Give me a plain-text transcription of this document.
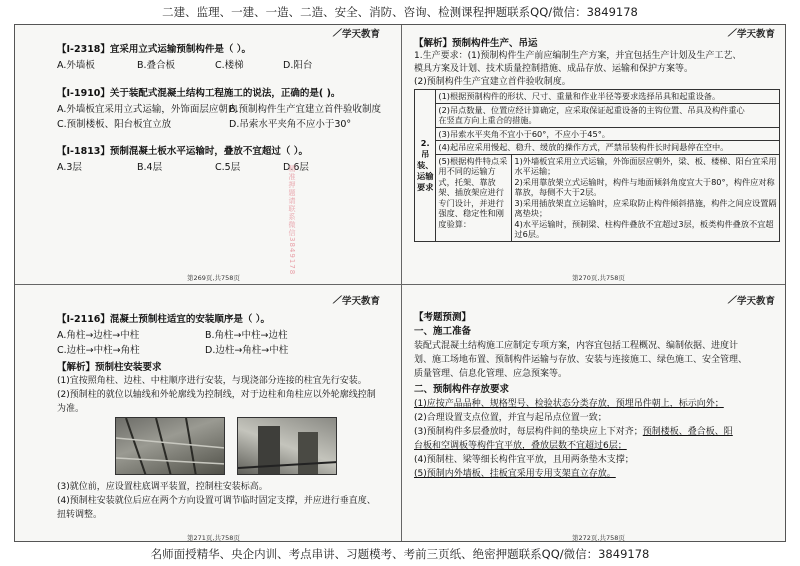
二建、监理、一建、一造、二造、安全、消防、咨询、检测课程押题联系QQ/微信：3849178
⟋ 学天教育
【Ⅰ-2318】宜采用立式运输预制构件是（ ）。
A.外墙板	B.叠合板	C.楼梯	D.阳台
【Ⅰ-1910】关于装配式混凝土结构工程施工的说法，正确的是( )。
A.外墙板宜采用立式运输，外饰面层应朝内
B.预制构件生产宜建立首件验收制度
C.预制楼板、阳台板宜立放	D.吊索水平夹角不应小于30°
【Ⅰ-1813】预制混凝土板水平运输时，叠放不宜超过（ ）。
A.3层	B.4层	C.5层	D.6层
精准押题请联系微信3849178
第269页,共758页
⟋ 学天教育
【解析】预制构件生产、吊运
1.生产要求：(1)预制构件生产前应编制生产方案，并宜包括生产计划及生产工艺、
模具方案及计划、技术质量控制措施、成品存放、运输和保护方案等。
(2)预制构件生产宜建立首件验收制度。
2.吊装、运输要求	(1)根据预制构件的形状、尺寸、重量和作业半径等要求选择吊具和起重设备。	
	(2)吊点数量、位置应经计算确定，应采取保证起重设备的主钩位置、吊具及构件重心
在竖直方向上重合的措施。	
	(3)吊索水平夹角不宜小于60°，不应小于45°。	
	(4)起吊应采用慢起、稳升、缓放的操作方式，严禁吊装构件长时间悬停在空中。	
	(5)根据构件特点采用不同的运输方式，托架、靠放架、插放架应进行专门设计，并进行强度、稳定性和刚度验算：	1)外墙板宜采用立式运输，外饰面层应朝外，梁、板、楼梯、阳台宜采用水平运输；
2)采用靠放架立式运输时，构件与地面倾斜角度宜大于80°，构件应对称靠放，每侧不大于2层。
3)采用插放架直立运输时，应采取防止构件倾斜措施，构件之间应设置隔离垫块；
4)水平运输时，预制梁、柱构件叠放不宜超过3层，板类构件叠放不宜超过6层。
第270页,共758页
⟋ 学天教育
【Ⅰ-2116】混凝土预制柱适宜的安装顺序是（ ）。
A.角柱→边柱→中柱	B.角柱→中柱→边柱
C.边柱→中柱→角柱	D.边柱→角柱→中柱
【解析】预制柱安装要求
(1)宜按照角柱、边柱、中柱顺序进行安装，与现浇部分连接的柱宜先行安装。
(2)预制柱的就位以轴线和外轮廓线为控制线，对于边柱和角柱应以外轮廓线控制
为准。
(3)就位前，应设置柱底调平装置，控制柱安装标高。
(4)预制柱安装就位后应在两个方向设置可调节临时固定支撑，并应进行垂直度、
扭转调整。
第271页,共758页
⟋ 学天教育
【考题预测】
一、施工准备
装配式混凝土结构施工应制定专项方案，内容宜包括工程概况、编制依据、进度计
划、施工场地布置、预制构件运输与存放、安装与连接施工、绿色施工、安全管理、
质量管理、信息化管理、应急预案等。
二、预制构件存放要求
(1)应按产品品种、规格型号、检验状态分类存放，预埋吊件朝上，标示向外；
(2)合理设置支点位置，并宜与起吊点位置一致；
(3)预制构件多层叠放时，每层构件间的垫块应上下对齐；预制楼板、叠合板、阳
台板和空调板等构件宜平放，叠放层数不宜超过6层；
(4)预制柱、梁等细长构件宜平放，且用两条垫木支撑；
(5)预制内外墙板、挂板宜采用专用支架直立存放。
第272页,共758页
名师面授精华、央企内训、考点串讲、习题模考、考前三页纸、绝密押题联系QQ/微信：3849178
